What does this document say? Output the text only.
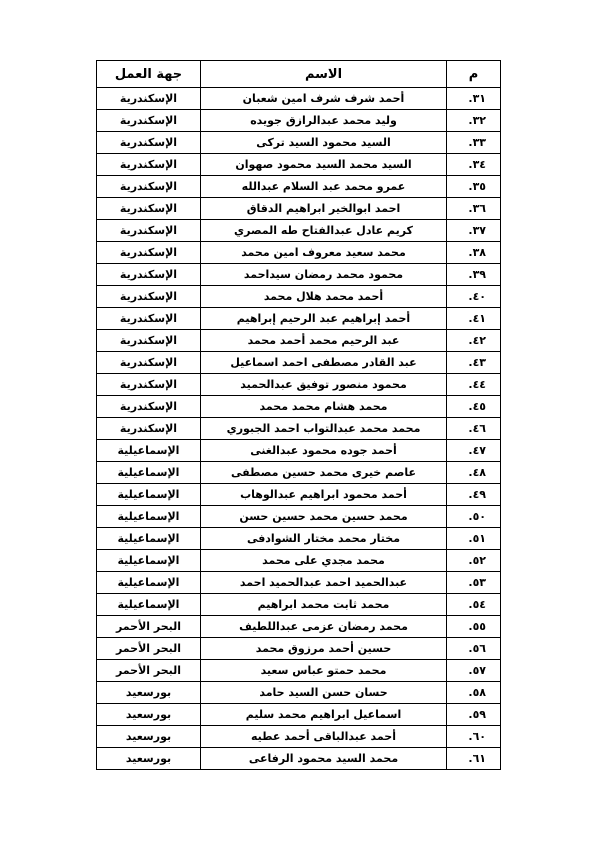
م	الاسم	جهة العمل
٣١.	أحمد شرف شرف امين شعبان	الإسكندرية
٣٢.	وليد محمد عبدالرازق جويده	الإسكندرية
٣٣.	السيد محمود السيد تركى	الإسكندرية
٣٤.	السيد محمد السيد محمود صهوان	الإسكندرية
٣٥.	عمرو محمد عبد السلام عبدالله	الإسكندرية
٣٦.	احمد ابوالخير ابراهيم الدقاق	الإسكندرية
٣٧.	كريم عادل عبدالفتاح طه المصري	الإسكندرية
٣٨.	محمد سعيد معروف امين محمد	الإسكندرية
٣٩.	محمود محمد رمضان سيداحمد	الإسكندرية
٤٠.	أحمد محمد هلال محمد	الإسكندرية
٤١.	أحمد إبراهيم عبد الرحيم إبراهيم	الإسكندرية
٤٢.	عبد الرحيم محمد أحمد محمد	الإسكندرية
٤٣.	عبد القادر مصطفى احمد اسماعيل	الإسكندرية
٤٤.	محمود منصور توفيق عبدالحميد	الإسكندرية
٤٥.	محمد هشام محمد محمد	الإسكندرية
٤٦.	محمد محمد عبدالتواب احمد الجبوري	الإسكندرية
٤٧.	أحمد جوده محمود عبدالغنى	الإسماعيلية
٤٨.	عاصم خيرى محمد حسين مصطفى	الإسماعيلية
٤٩.	أحمد محمود ابراهيم عبدالوهاب	الإسماعيلية
٥٠.	محمد حسين محمد حسين حسن	الإسماعيلية
٥١.	مختار محمد مختار الشوادفى	الإسماعيلية
٥٢.	محمد مجدي على محمد	الإسماعيلية
٥٣.	عبدالحميد احمد عبدالحميد احمد	الإسماعيلية
٥٤.	محمد ثابت محمد ابراهيم	الإسماعيلية
٥٥.	محمد رمضان عزمى عبداللطيف	البحر الأحمر
٥٦.	حسين أحمد مرزوق محمد	البحر الأحمر
٥٧.	محمد حمتو عباس سعيد	البحر الأحمر
٥٨.	حسان حسن السيد حامد	بورسعيد
٥٩.	اسماعيل ابراهيم محمد سليم	بورسعيد
٦٠.	أحمد عبدالباقى أحمد عطيه	بورسعيد
٦١.	محمد السيد محمود الرفاعى	بورسعيد
